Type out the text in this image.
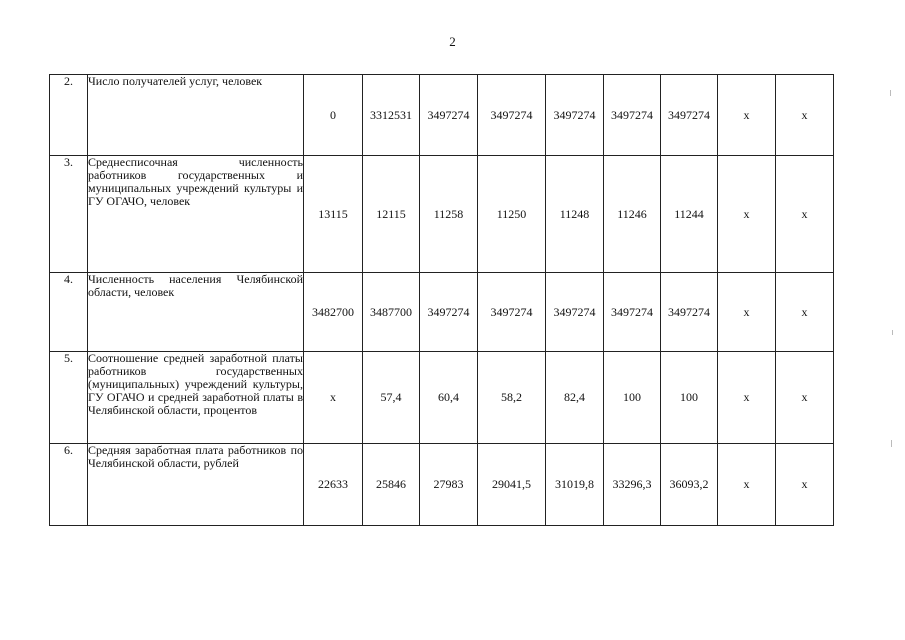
2
2.	Число получателей услуг, человек	0	3312531	3497274	3497274	3497274	3497274	3497274	х	х
3.	Среднесписочная численность работников государственных и муниципальных учреждений культуры и ГУ ОГАЧО, человек	13115	12115	11258	11250	11248	11246	11244	х	х
4.	Численность населения Челябинской области, человек	3482700	3487700	3497274	3497274	3497274	3497274	3497274	х	х
5.	Соотношение средней заработной платы работников государственных (муниципальных) учреждений культуры, ГУ ОГАЧО и средней заработной платы в Челябинской области, процентов	х	57,4	60,4	58,2	82,4	100	100	х	х
6.	Средняя заработная плата работников по Челябинской области, рублей	22633	25846	27983	29041,5	31019,8	33296,3	36093,2	х	х
